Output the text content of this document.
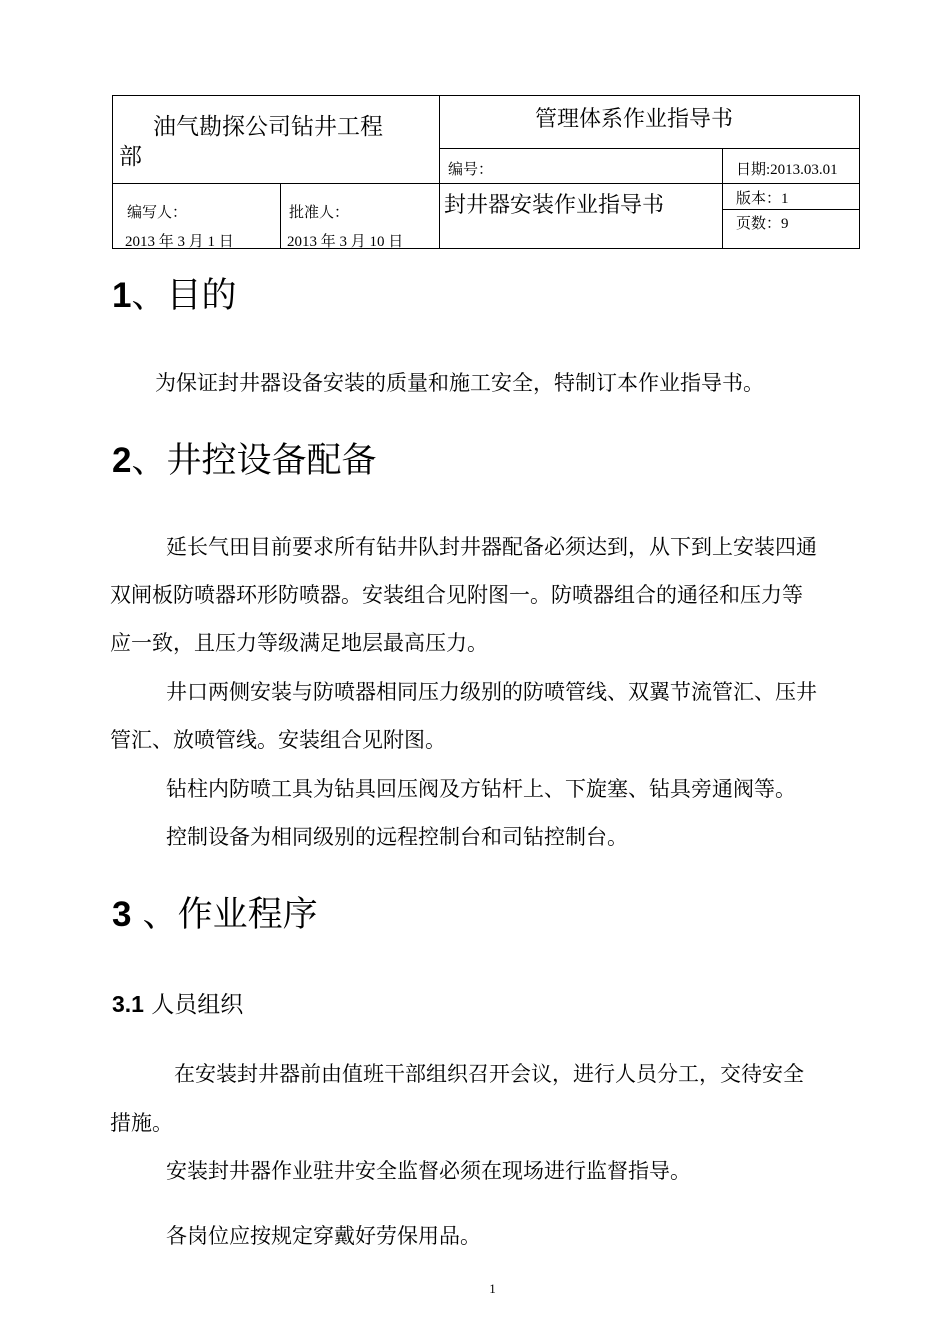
油气勘探公司钻井工程
部
管理体系作业指导书
编号：	日期:2013.03.01
编写人：
2013 年 3 月 1 日
批准人：
2013 年 3 月 10 日
封井器安装作业指导书	版本：1
页数：9
1、目的
为保证封井器设备安装的质量和施工安全，特制订本作业指导书。
2、井控设备配备
延长气田目前要求所有钻井队封井器配备必须达到，从下到上安装四通
双闸板防喷器环形防喷器。安装组合见附图一。防喷器组合的通径和压力等
应一致，且压力等级满足地层最高压力。
井口两侧安装与防喷器相同压力级别的防喷管线、双翼节流管汇、压井
管汇、放喷管线。安装组合见附图。
钻柱内防喷工具为钻具回压阀及方钻杆上、下旋塞、钻具旁通阀等。
控制设备为相同级别的远程控制台和司钻控制台。
3 、作业程序
3.1 人员组织
在安装封井器前由值班干部组织召开会议，进行人员分工，交待安全
措施。
安装封井器作业驻井安全监督必须在现场进行监督指导。
各岗位应按规定穿戴好劳保用品。
1
